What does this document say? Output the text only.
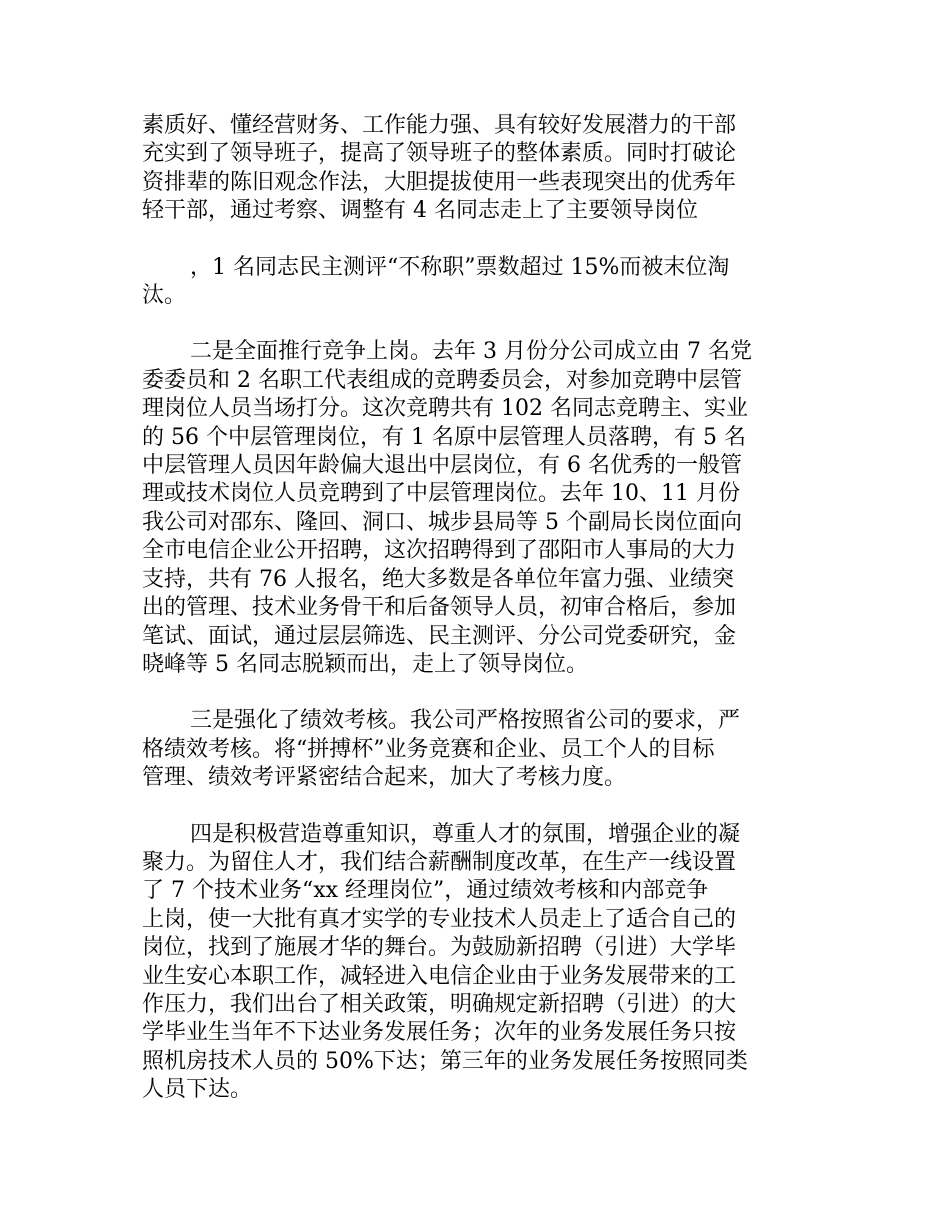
素质好、懂经营财务、工作能力强、具有较好发展潜力的干部
充实到了领导班子，提高了领导班子的整体素质。同时打破论
资排辈的陈旧观念作法，大胆提拔使用一些表现突出的优秀年
轻干部，通过考察、调整有 4 名同志走上了主要领导岗位
，1 名同志民主测评“不称职”票数超过 15%而被末位淘
汰。
二是全面推行竞争上岗。去年 3 月份分公司成立由 7 名党
委委员和 2 名职工代表组成的竞聘委员会，对参加竞聘中层管
理岗位人员当场打分。这次竞聘共有 102 名同志竞聘主、实业
的 56 个中层管理岗位，有 1 名原中层管理人员落聘，有 5 名
中层管理人员因年龄偏大退出中层岗位，有 6 名优秀的一般管
理或技术岗位人员竞聘到了中层管理岗位。去年 10、11 月份
我公司对邵东、隆回、洞口、城步县局等 5 个副局长岗位面向
全市电信企业公开招聘，这次招聘得到了邵阳市人事局的大力
支持，共有 76 人报名，绝大多数是各单位年富力强、业绩突
出的管理、技术业务骨干和后备领导人员，初审合格后，参加
笔试、面试，通过层层筛选、民主测评、分公司党委研究，金
晓峰等 5 名同志脱颖而出，走上了领导岗位。
三是强化了绩效考核。我公司严格按照省公司的要求，严
格绩效考核。将“拼搏杯”业务竞赛和企业、员工个人的目标
管理、绩效考评紧密结合起来，加大了考核力度。
四是积极营造尊重知识，尊重人才的氛围，增强企业的凝
聚力。为留住人才，我们结合薪酬制度改革，在生产一线设置
了 7 个技术业务“xx 经理岗位”，通过绩效考核和内部竞争
上岗，使一大批有真才实学的专业技术人员走上了适合自己的
岗位，找到了施展才华的舞台。为鼓励新招聘（引进）大学毕
业生安心本职工作，减轻进入电信企业由于业务发展带来的工
作压力，我们出台了相关政策，明确规定新招聘（引进）的大
学毕业生当年不下达业务发展任务；次年的业务发展任务只按
照机房技术人员的 50%下达；第三年的业务发展任务按照同类
人员下达。
